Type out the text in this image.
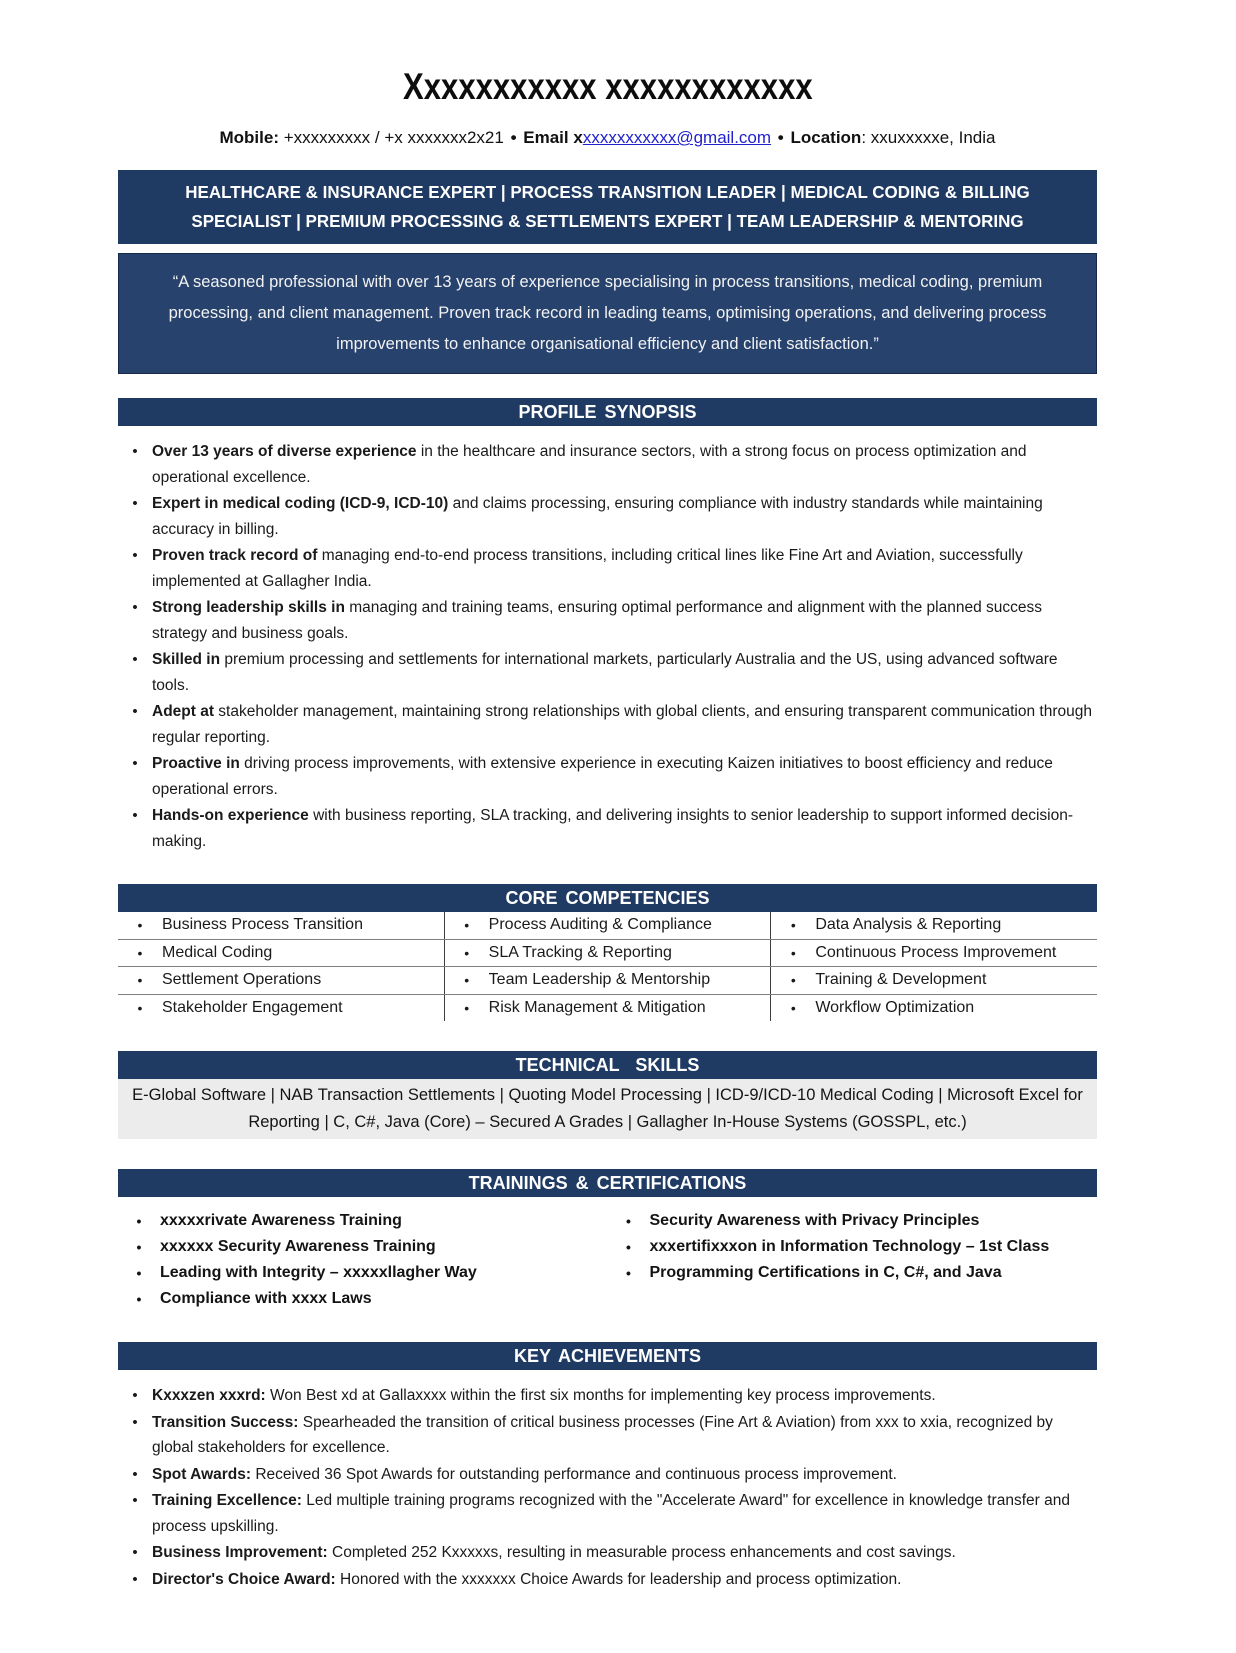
Xxxxxxxxxxx xxxxxxxxxxxx

Mobile: +xxxxxxxxx / +x xxxxxxx2x21 • Email xxxxxxxxxxxx@gmail.com • Location: xxuxxxxxe, India

HEALTHCARE & INSURANCE EXPERT | PROCESS TRANSITION LEADER | MEDICAL CODING & BILLING SPECIALIST | PREMIUM PROCESSING & SETTLEMENTS EXPERT | TEAM LEADERSHIP & MENTORING
“A seasoned professional with over 13 years of experience specialising in process transitions, medical coding, premium processing, and client management. Proven track record in leading teams, optimising operations, and delivering process improvements to enhance organisational efficiency and client satisfaction.”
PROFILE SYNOPSIS
• Over 13 years of diverse experience in the healthcare and insurance sectors, with a strong focus on process optimization and operational excellence.
• Expert in medical coding (ICD-9, ICD-10) and claims processing, ensuring compliance with industry standards while maintaining accuracy in billing.
• Proven track record of managing end-to-end process transitions, including critical lines like Fine Art and Aviation, successfully implemented at Gallagher India.
• Strong leadership skills in managing and training teams, ensuring optimal performance and alignment with the planned success strategy and business goals.
• Skilled in premium processing and settlements for international markets, particularly Australia and the US, using advanced software tools.
• Adept at stakeholder management, maintaining strong relationships with global clients, and ensuring transparent communication through regular reporting.
• Proactive in driving process improvements, with extensive experience in executing Kaizen initiatives to boost efficiency and reduce operational errors.
• Hands-on experience with business reporting, SLA tracking, and delivering insights to senior leadership to support informed decision-making.
CORE COMPETENCIES
•	Business Process Transition	•	Process Auditing & Compliance	•	Data Analysis & Reporting
•	Medical Coding	•	SLA Tracking & Reporting	•	Continuous Process Improvement
•	Settlement Operations	•	Team Leadership & Mentorship	•	Training & Development
•	Stakeholder Engagement	•	Risk Management & Mitigation	•	Workflow Optimization
TECHNICAL  SKILLS
E-Global Software | NAB Transaction Settlements | Quoting Model Processing | ICD-9/ICD-10 Medical Coding | Microsoft Excel for Reporting | C, C#, Java (Core) – Secured A Grades | Gallagher In-House Systems (GOSSPL, etc.)
TRAININGS & CERTIFICATIONS
•	xxxxxrivate Awareness Training
•	xxxxxx Security Awareness Training
•	Leading with Integrity – xxxxxllagher Way
•	Compliance with xxxx Laws
•	Security Awareness with Privacy Principles
•	xxxertifixxxon in Information Technology – 1st Class
•	Programming Certifications in C, C#, and Java
KEY ACHIEVEMENTS
• Kxxxzen xxxrd: Won Best xd at Gallaxxxx within the first six months for implementing key process improvements.
• Transition Success: Spearheaded the transition of critical business processes (Fine Art & Aviation) from xxx to xxia, recognized by global stakeholders for excellence.
• Spot Awards: Received 36 Spot Awards for outstanding performance and continuous process improvement.
• Training Excellence: Led multiple training programs recognized with the "Accelerate Award" for excellence in knowledge transfer and process upskilling.
• Business Improvement: Completed 252 Kxxxxxs, resulting in measurable process enhancements and cost savings.
• Director's Choice Award: Honored with the xxxxxxx Choice Awards for leadership and process optimization.
